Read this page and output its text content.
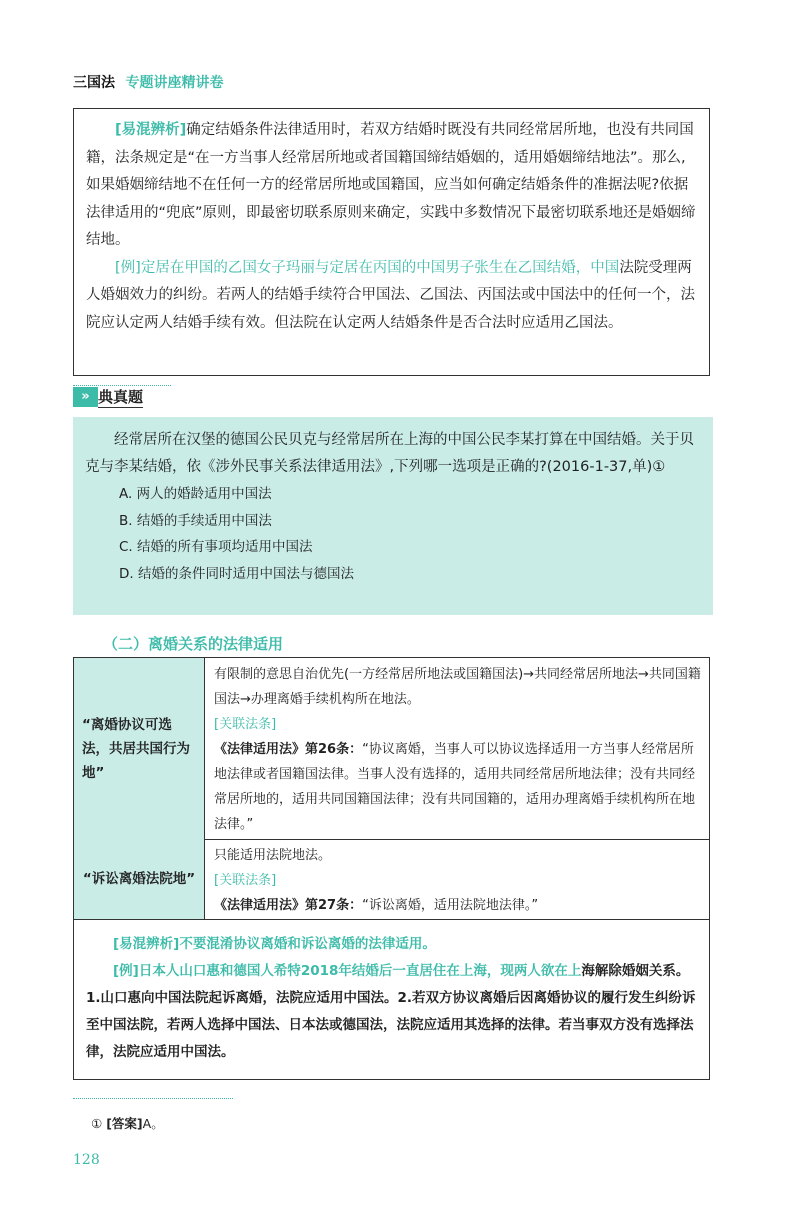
三国法 专题讲座精讲卷

[易混辨析]确定结婚条件法律适用时，若双方结婚时既没有共同经常居所地，也没有共同国籍，法条规定是“在一方当事人经常居所地或者国籍国缔结婚姻的，适用婚姻缔结地法”。那么,如果婚姻缔结地不在任何一方的经常居所地或国籍国，应当如何确定结婚条件的准据法呢?依据法律适用的“兜底”原则，即最密切联系原则来确定，实践中多数情况下最密切联系地还是婚姻缔结地。

[例]定居在甲国的乙国女子玛丽与定居在丙国的中国男子张生在乙国结婚，中国法院受理两人婚姻效力的纠纷。若两人的结婚手续符合甲国法、乙国法、丙国法或中国法中的任何一个，法院应认定两人结婚手续有效。但法院在认定两人结婚条件是否合法时应适用乙国法。

» 典真题

经常居所在汉堡的德国公民贝克与经常居所在上海的中国公民李某打算在中国结婚。关于贝克与李某结婚，依《涉外民事关系法律适用法》,下列哪一选项是正确的?(2016-1-37,单)①

A. 两人的婚龄适用中国法

B. 结婚的手续适用中国法

C. 结婚的所有事项均适用中国法

D. 结婚的条件同时适用中国法与德国法

（二）离婚关系的法律适用
“离婚协议可选法，共居共国行为地”

有限制的意思自治优先(一方经常居所地法或国籍国法)→共同经常居所地法→共同国籍国法→办理离婚手续机构所在地法。

[关联法条]

《法律适用法》第26条：“协议离婚，当事人可以协议选择适用一方当事人经常居所地法律或者国籍国法律。当事人没有选择的，适用共同经常居所地法律；没有共同经常居所地的，适用共同国籍国法律；没有共同国籍的，适用办理离婚手续机构所在地法律。”

“诉讼离婚法院地”

只能适用法院地法。

[关联法条]

《法律适用法》第27条：“诉讼离婚，适用法院地法律。”

[易混辨析]不要混淆协议离婚和诉讼离婚的法律适用。

[例]日本人山口惠和德国人希特2018年结婚后一直居住在上海，现两人欲在上海解除婚姻关系。1.山口惠向中国法院起诉离婚，法院应适用中国法。2.若双方协议离婚后因离婚协议的履行发生纠纷诉至中国法院，若两人选择中国法、日本法或德国法，法院应适用其选择的法律。若当事双方没有选择法律，法院应适用中国法。

① [答案]A。
128
